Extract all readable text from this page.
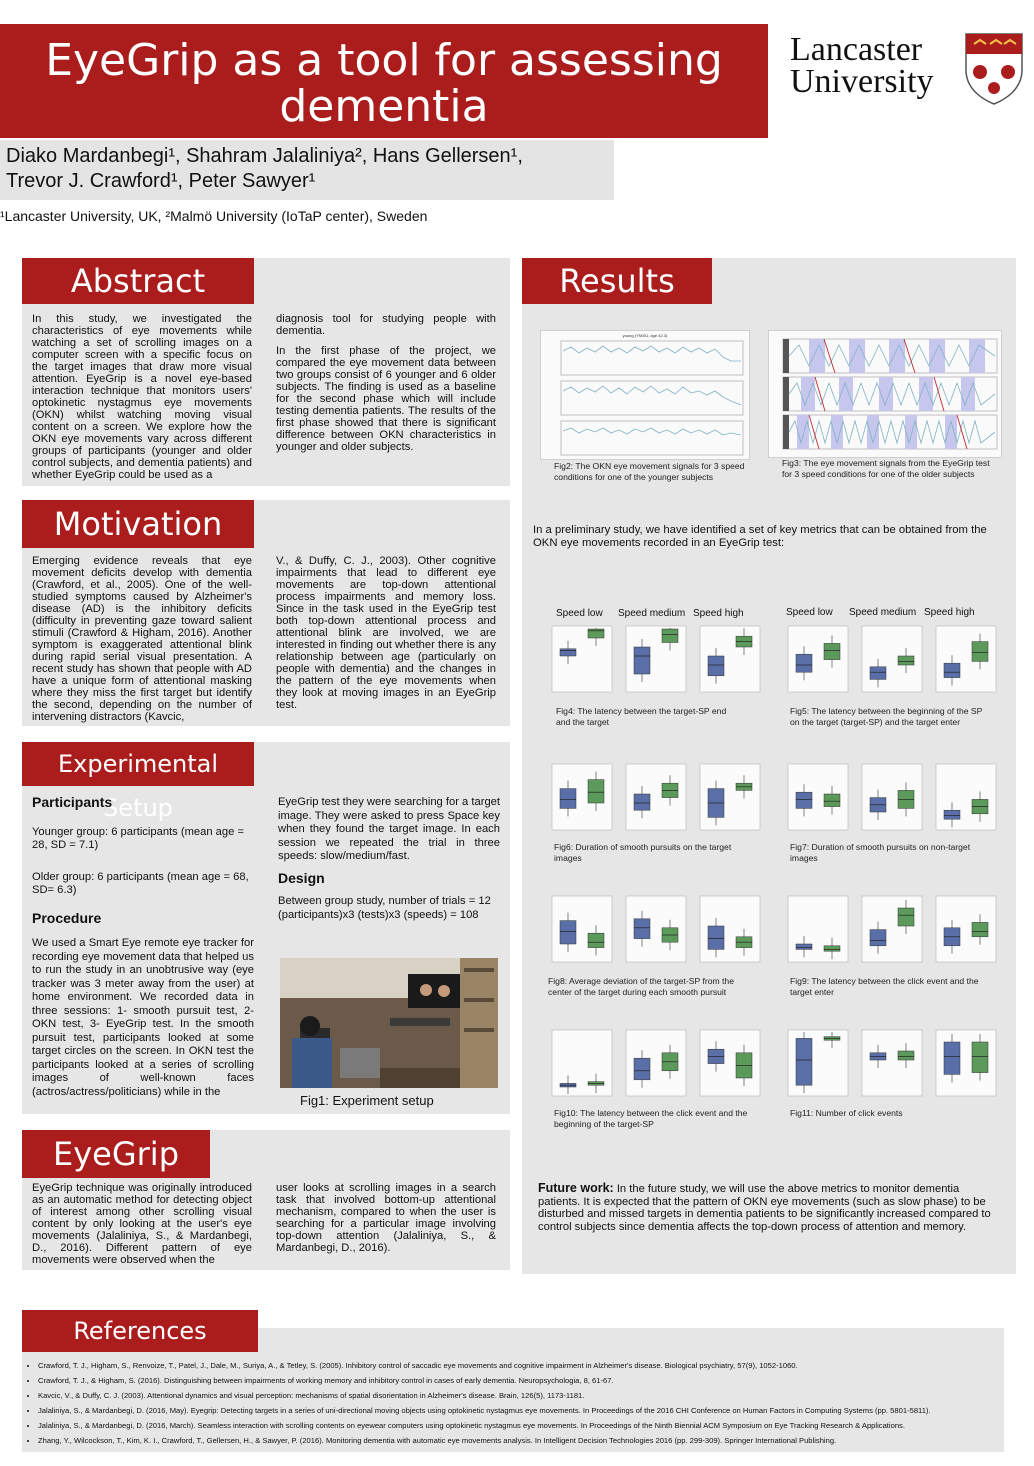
EyeGrip as a tool for assessing dementia
Diako Mardanbegi¹, Shahram Jalaliniya², Hans Gellersen¹,
Trevor J. Crawford¹, Peter Sawyer¹
¹Lancaster University, UK, ²Malmö University (IoTaP center), Sweden
Lancaster
University
Abstract

In this study, we investigated the characteristics of eye movements while watching a set of scrolling images on a computer screen with a specific focus on the target images that draw more visual attention. EyeGrip is a novel eye-based interaction technique that monitors users' optokinetic nystagmus eye movements (OKN) whilst watching moving visual content on a screen. We explore how the OKN eye movements vary across different groups of participants (younger and older control subjects, and dementia patients) and whether EyeGrip could be used as a

diagnosis tool for studying people with dementia.

In the first phase of the project, we compared the eye movement data between two groups consist of 6 younger and 6 older subjects. The finding is used as a baseline for the second phase which will include testing dementia patients. The results of the first phase showed that there is significant difference between OKN characteristics in younger and older subjects.

Motivation

Emerging evidence reveals that eye movement deficits develop with dementia (Crawford, et al., 2005). One of the well-studied symptoms caused by Alzheimer's disease (AD) is the inhibitory deficits (difficulty in preventing gaze toward salient stimuli (Crawford & Higham, 2016). Another symptom is exaggerated attentional blink during rapid serial visual presentation. A recent study has shown that people with AD have a unique form of attentional masking where they miss the first target but identify the second, depending on the number of intervening distractors (Kavcic,

V., & Duffy, C. J., 2003). Other cognitive impairments that lead to different eye movements are top-down attentional process impairments and memory loss. Since in the task used in the EyeGrip test both top-down attentional process and attentional blink are involved, we are interested in finding out whether there is any relationship between age (particularly on people with dementia) and the changes in the pattern of the eye movements when they look at moving images in an EyeGrip test.

Experimental Setup
Participants

Younger group: 6 participants (mean age = 28, SD = 7.1)

Older group: 6 participants (mean age = 68, SD= 6.3)

Procedure

We used a Smart Eye remote eye tracker for recording eye movement data that helped us to run the study in an unobtrusive way (eye tracker was 3 meter away from the user) at home environment. We recorded data in three sessions: 1- smooth pursuit test, 2- OKN test, 3- EyeGrip test. In the smooth pursuit test, participants looked at some target circles on the screen. In OKN test the participants looked at a series of scrolling images of well-known faces (actros/actress/politicians) while in the

EyeGrip test they were searching for a target image. They were asked to press Space key when they found the target image. In each session we repeated the trial in three speeds: slow/medium/fast.

Design

Between group study, number of trials = 12 (participants)x3 (tests)x3 (speeds) = 108

Fig1: Experiment setup
EyeGrip

EyeGrip technique was originally introduced as an automatic method for detecting object of interest among other scrolling visual content by only looking at the user's eye movements (Jalaliniya, S., & Mardanbegi, D., 2016). Different pattern of eye movements were observed when the

user looks at scrolling images in a search task that involved bottom-up attentional mechanism, compared to when the user is searching for a particular image involving top-down attention (Jalaliniya, S., & Mardanbegi, D., 2016).

Results
young (YN001, age 42.3)
Fig2: The OKN eye movement signals for 3 speed conditions for one of the younger subjects
Fig3: The eye movement signals from the EyeGrip test for 3 speed conditions for one of the older subjects
In a preliminary study, we have identified a set of key metrics that can be obtained from the OKN eye movements recorded in an EyeGrip test:
Speed low Speed medium Speed high	Speed low Speed medium Speed high
Fig4: The latency between the target-SP end and the target
Fig5: The latency between the beginning of the SP on the target (target-SP) and the target enter
Fig6: Duration of smooth pursuits on the target images
Fig7: Duration of smooth pursuits on non-target images
Fig8: Average deviation of the target-SP from the center of the target during each smooth pursuit
Fig9: The latency between the click event and the target enter
Fig10: The latency between the click event and the beginning of the target-SP
Fig11: Number of click events
Future work: In the future study, we will use the above metrics to monitor dementia patients. It is expected that the pattern of OKN eye movements (such as slow phase) to be disturbed and missed targets in dementia patients to be significantly increased compared to control subjects since dementia affects the top-down process of attention and memory.
References
• Crawford, T. J., Higham, S., Renvoize, T., Patel, J., Dale, M., Suriya, A., & Tetley, S. (2005). Inhibitory control of saccadic eye movements and cognitive impairment in Alzheimer's disease. Biological psychiatry, 57(9), 1052-1060.
• Crawford, T. J., & Higham, S. (2016). Distinguishing between impairments of working memory and inhibitory control in cases of early dementia. Neuropsychologia, 8, 61-67.
• Kavcic, V., & Duffy, C. J. (2003). Attentional dynamics and visual perception: mechanisms of spatial disorientation in Alzheimer's disease. Brain, 126(5), 1173-1181.
• Jalaliniya, S., & Mardanbegi, D. (2016, May). Eyegrip: Detecting targets in a series of uni-directional moving objects using optokinetic nystagmus eye movements. In Proceedings of the 2016 CHI Conference on Human Factors in Computing Systems (pp. 5801-5811).
• Jalaliniya, S., & Mardanbegi, D. (2016, March). Seamless interaction with scrolling contents on eyewear computers using optokinetic nystagmus eye movements. In Proceedings of the Ninth Biennial ACM Symposium on Eye Tracking Research & Applications.
• Zhang, Y., Wilcockson, T., Kim, K. I., Crawford, T., Gellersen, H., & Sawyer, P. (2016). Monitoring dementia with automatic eye movements analysis. In Intelligent Decision Technologies 2016 (pp. 299-309). Springer International Publishing.
